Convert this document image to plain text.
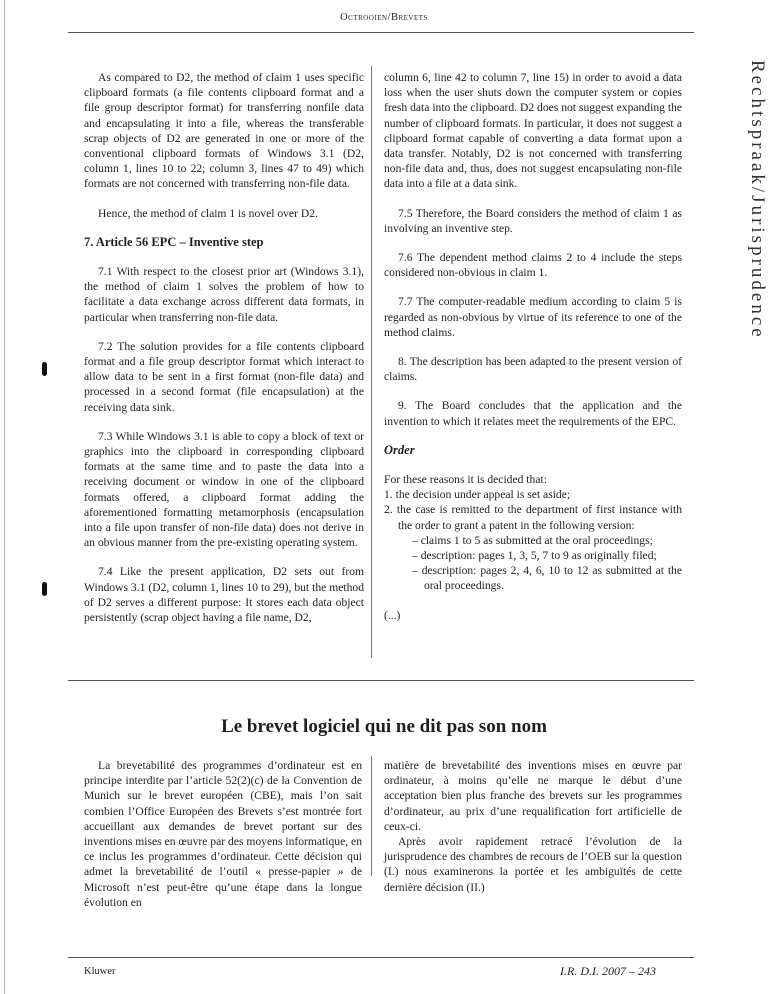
Octrooien/Brevets
Rechtspraak/Jurisprudence

As compared to D2, the method of claim 1 uses specific clipboard formats (a file contents clipboard format and a file group descriptor format) for transferring nonfile data and encapsulating it into a file, whereas the transferable scrap objects of D2 are generated in one or more of the conventional clipboard formats of Windows 3.1 (D2, column 1, lines 10 to 22; column 3, lines 47 to 49) which formats are not concerned with transferring non-file data.

Hence, the method of claim 1 is novel over D2.

7. Article 56 EPC – Inventive step

7.1 With respect to the closest prior art (Windows 3.1), the method of claim 1 solves the problem of how to facilitate a data exchange across different data formats, in particular when transferring non-file data.

7.2 The solution provides for a file contents clipboard format and a file group descriptor format which interact to allow data to be sent in a first format (non-file data) and processed in a second format (file encapsulation) at the receiving data sink.

7.3 While Windows 3.1 is able to copy a block of text or graphics into the clipboard in corresponding clipboard formats at the same time and to paste the data into a receiving document or window in one of the clipboard formats offered, a clipboard format adding the aforementioned formatting metamorphosis (encapsulation into a file upon transfer of non-file data) does not derive in an obvious manner from the pre-existing operating system.

7.4 Like the present application, D2 sets out from Windows 3.1 (D2, column 1, lines 10 to 29), but the method of D2 serves a different purpose: It stores each data object persistently (scrap object having a file name, D2,

column 6, line 42 to column 7, line 15) in order to avoid a data loss when the user shuts down the computer system or copies fresh data into the clipboard. D2 does not suggest expanding the number of clipboard formats. In particular, it does not suggest a clipboard format capable of converting a data format upon a data transfer. Notably, D2 is not concerned with transferring non-file data and, thus, does not suggest encapsulating non-file data into a file at a data sink.

7.5 Therefore, the Board considers the method of claim 1 as involving an inventive step.

7.6 The dependent method claims 2 to 4 include the steps considered non-obvious in claim 1.

7.7 The computer-readable medium according to claim 5 is regarded as non-obvious by virtue of its reference to one of the method claims.

8. The description has been adapted to the present version of claims.

9. The Board concludes that the application and the invention to which it relates meet the requirements of the EPC.

Order

For these reasons it is decided that:

1. the decision under appeal is set aside;
2. the case is remitted to the department of first instance with the order to grant a patent in the following version:
– claims 1 to 5 as submitted at the oral proceedings;
– description: pages 1, 3, 5, 7 to 9 as originally filed;
– description: pages 2, 4, 6, 10 to 12 as submitted at the oral proceedings.

(...)

Le brevet logiciel qui ne dit pas son nom

La brevetabilité des programmes d’ordinateur est en principe interdite par l’article 52(2)(c) de la Convention de Munich sur le brevet européen (CBE), mais l’on sait combien l’Office Européen des Brevets s’est montrée fort accueillant aux demandes de brevet portant sur des inventions mises en œuvre par des moyens informatique, en ce inclus les programmes d’ordinateur. Cette décision qui admet la brevetabilité de l’outil « presse-papier » de Microsoft n’est peut-être qu’une étape dans la longue évolution en

matière de brevetabilité des inventions mises en œuvre par ordinateur, à moins qu’elle ne marque le début d’une acceptation bien plus franche des brevets sur les programmes d’ordinateur, au prix d’une requalification fort artificielle de ceux-ci.

Après avoir rapidement retracé l’évolution de la jurisprudence des chambres de recours de l’OEB sur la question (I.) nous examinerons la portée et les ambiguïtés de cette dernière décision (II.)

Kluwer	I.R. D.I. 2007 – 243
